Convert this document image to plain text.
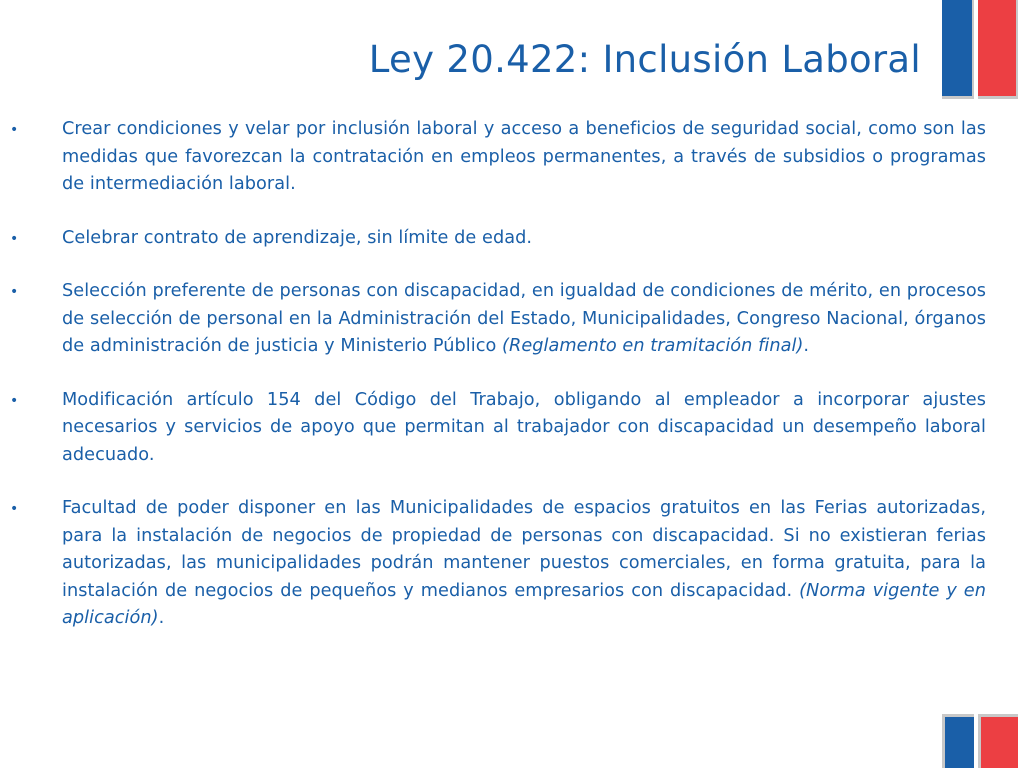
Ley 20.422: Inclusión Laboral
• Crear condiciones y velar por inclusión laboral y acceso a beneficios de seguridad social, como son las medidas que favorezcan la contratación en empleos permanentes, a través de subsidios o programas de intermediación laboral.
• Celebrar contrato de aprendizaje, sin límite de edad.
• Selección preferente de personas con discapacidad, en igualdad de condiciones de mérito, en procesos de selección de personal en la Administración del Estado, Municipalidades, Congreso Nacional, órganos de administración de justicia y Ministerio Público (Reglamento en tramitación final).
• Modificación artículo 154 del Código del Trabajo, obligando al empleador a incorporar ajustes necesarios y servicios de apoyo que permitan al trabajador con discapacidad un desempeño laboral adecuado.
• Facultad de poder disponer en las Municipalidades de espacios gratuitos en las Ferias autorizadas, para la instalación de negocios de propiedad de personas con discapacidad. Si no existieran ferias autorizadas, las municipalidades podrán mantener puestos comerciales, en forma gratuita, para la instalación de negocios de pequeños y medianos empresarios con discapacidad. (Norma vigente y en aplicación).
